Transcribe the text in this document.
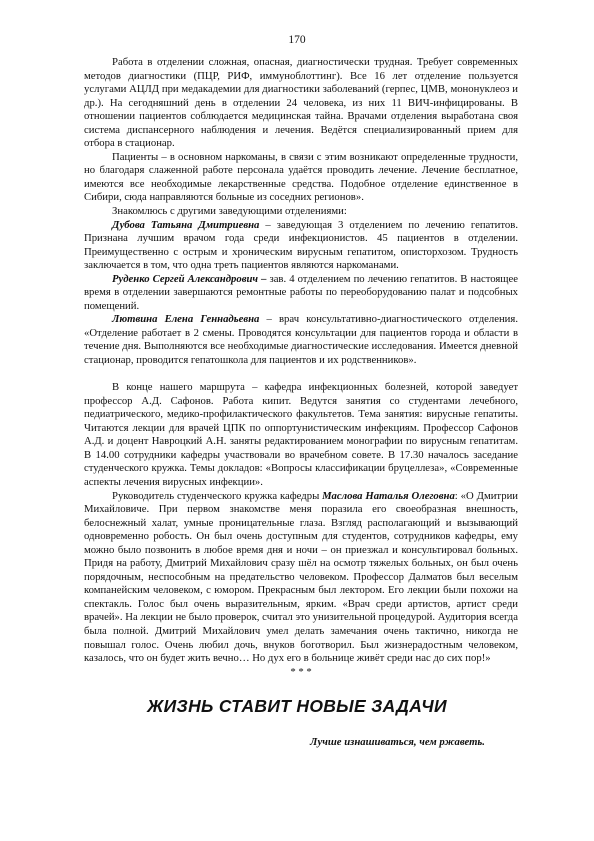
170

Работа в отделении сложная, опасная, диагностически трудная. Требует современных методов диагностики (ПЦР, РИФ, иммуноблоттинг). Все 16 лет отделение пользуется услугами АЦЛД при медакадемии для диагностики заболеваний (герпес, ЦМВ, мононуклеоз и др.). На сегодняшний день в отделении 24 человека, из них 11 ВИЧ-инфицированы. В отношении пациентов соблюдается медицинская тайна. Врачами отделения выработана своя система диспансерного наблюдения и лечения. Ведётся специализированный прием для отбора в стационар.

Пациенты – в основном наркоманы, в связи с этим возникают определенные трудности, но благодаря слаженной работе персонала удаётся проводить лечение. Лечение бесплатное, имеются все необходимые лекарственные средства. Подобное отделение единственное в Сибири, сюда направляются больные из соседних регионов».

Знакомлюсь с другими заведующими отделениями:

Дубова Татьяна Дмитриевна – заведующая 3 отделением по лечению гепатитов. Признана лучшим врачом года среди инфекционистов. 45 пациентов в отделении. Преимущественно с острым и хроническим вирусным гепатитом, описторхозом. Трудность заключается в том, что одна треть пациентов являются наркоманами.

Руденко Сергей Александрович – зав. 4 отделением по лечению гепатитов. В настоящее время в отделении завершаются ремонтные работы по переоборудованию палат и подсобных помещений.

Лютвина Елена Геннадьевна – врач консультативно-диагностического отделения. «Отделение работает в 2 смены. Проводятся консультации для пациентов города и области в течение дня. Выполняются все необходимые диагностические исследования. Имеется дневной стационар, проводится гепатошкола для пациентов и их родственников».

В конце нашего маршрута – кафедра инфекционных болезней, которой заведует профессор А.Д. Сафонов. Работа кипит. Ведутся занятия со студентами лечебного, педиатрического, медико-профилактического факультетов. Тема занятия: вирусные гепатиты. Читаются лекции для врачей ЦПК по оппортунистическим инфекциям. Профессор Сафонов А.Д. и доцент Навроцкий А.Н. заняты редактированием монографии по вирусным гепатитам. В 14.00 сотрудники кафедры участвовали во врачебном совете. В 17.30 началось заседание студенческого кружка. Темы докладов: «Вопросы классификации бруцеллеза», «Современные аспекты лечения вирусных инфекции».

Руководитель студенческого кружка кафедры Маслова Наталья Олеговна: «О Дмитрии Михайловиче. При первом знакомстве меня поразила его своеобразная внешность, белоснежный халат, умные проницательные глаза. Взгляд располагающий и вызывающий одновременно робость. Он был очень доступным для студентов, сотрудников кафедры, ему можно было позвонить в любое время дня и ночи – он приезжал и консультировал больных. Придя на работу, Дмитрий Михайлович сразу шёл на осмотр тяжелых больных, он был очень порядочным, неспособным на предательство человеком. Профессор Далматов был веселым компанейским человеком, с юмором. Прекрасным был лектором. Его лекции были похожи на спектакль. Голос был очень выразительным, ярким. «Врач среди артистов, артист среди врачей». На лекции не было проверок, считал это унизительной процедурой. Аудитория всегда была полной. Дмитрий Михайлович умел делать замечания очень тактично, никогда не повышал голос. Очень любил дочь, внуков боготворил. Был жизнерадостным человеком, казалось, что он будет жить вечно… Но дух его в больнице живёт среди нас до сих пор!»

* * *

ЖИЗНЬ СТАВИТ НОВЫЕ ЗАДАЧИ
Лучше изнашиваться, чем ржаветь.
